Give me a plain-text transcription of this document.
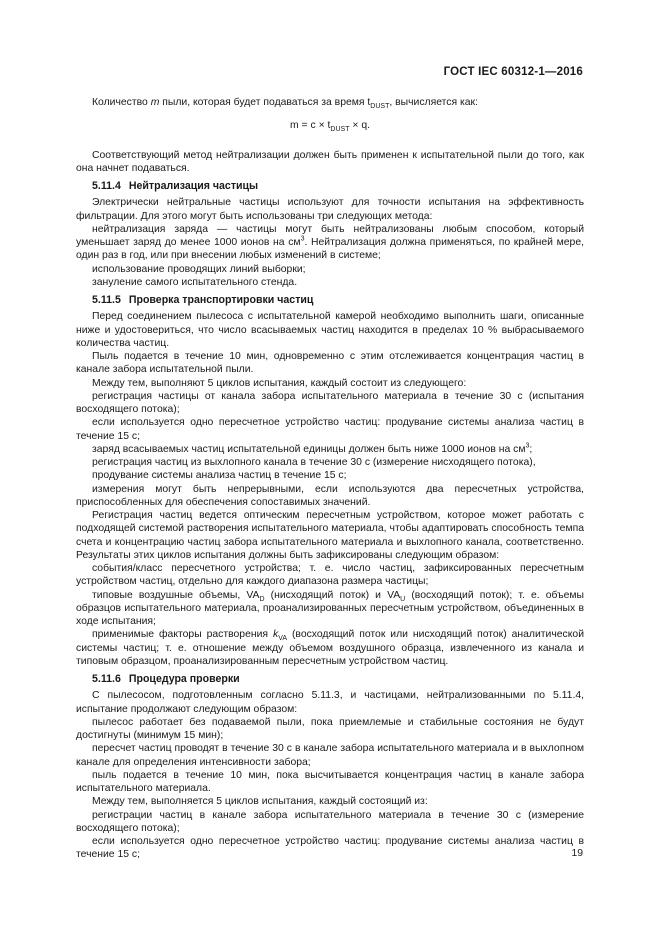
ГОСТ IEC 60312-1—2016

Количество m пыли, которая будет подаваться за время $t_{DUST}$, вычисляется как:

$m = c \times t_{DUST} \times q$.

Соответствующий метод нейтрализации должен быть применен к испытательной пыли до того, как она начнет подаваться.

5.11.4 Нейтрализация частицы

Электрически нейтральные частицы используют для точности испытания на эффективность фильтрации. Для этого могут быть использованы три следующих метода:

нейтрализация заряда — частицы могут быть нейтрализованы любым способом, который уменьшает заряд до менее 1000 ионов на $см^3$. Нейтрализация должна применяться, по крайней мере, один раз в год, или при внесении любых изменений в системе;

использование проводящих линий выборки;

зануление самого испытательного стенда.

5.11.5 Проверка транспортировки частиц

Перед соединением пылесоса с испытательной камерой необходимо выполнить шаги, описанные ниже и удостовериться, что число всасываемых частиц находится в пределах 10 % выбрасываемого количества частиц.

Пыль подается в течение 10 мин, одновременно с этим отслеживается концентрация частиц в канале забора испытательной пыли.

Между тем, выполняют 5 циклов испытания, каждый состоит из следующего:

регистрация частицы от канала забора испытательного материала в течение 30 с (испытания восходящего потока);

если используется одно пересчетное устройство частиц: продувание системы анализа частиц в течение 15 с;

заряд всасываемых частиц испытательной единицы должен быть ниже 1000 ионов на $см^3$;

регистрация частиц из выхлопного канала в течение 30 с (измерение нисходящего потока),

продувание системы анализа частиц в течение 15 с;

измерения могут быть непрерывными, если используются два пересчетных устройства, приспособленных для обеспечения сопоставимых значений.

Регистрация частиц ведется оптическим пересчетным устройством, которое может работать с подходящей системой растворения испытательного материала, чтобы адаптировать способность темпа счета и концентрацию частиц забора испытательного материала и выхлопного канала, соответственно. Результаты этих циклов испытания должны быть зафиксированы следующим образом:

события/класс пересчетного устройства; т. е. число частиц, зафиксированных пересчетным устройством частиц, отдельно для каждого диапазона размера частицы;

типовые воздушные объемы, $VA_D$ (нисходящий поток) и $VA_U$ (восходящий поток); т. е. объемы образцов испытательного материала, проанализированных пересчетным устройством, объединенных в ходе испытания;

применимые факторы растворения $k_{VA}$ (восходящий поток или нисходящий поток) аналитической системы частиц; т. е. отношение между объемом воздушного образца, извлеченного из канала и типовым образцом, проанализированным пересчетным устройством частиц.

5.11.6 Процедура проверки

С пылесосом, подготовленным согласно 5.11.3, и частицами, нейтрализованными по 5.11.4, испытание продолжают следующим образом:

пылесос работает без подаваемой пыли, пока приемлемые и стабильные состояния не будут достигнуты (минимум 15 мин);

пересчет частиц проводят в течение 30 с в канале забора испытательного материала и в выхлопном канале для определения интенсивности забора;

пыль подается в течение 10 мин, пока высчитывается концентрация частиц в канале забора испытательного материала.

Между тем, выполняется 5 циклов испытания, каждый состоящий из:

регистрации частиц в канале забора испытательного материала в течение 30 с (измерение восходящего потока);

если используется одно пересчетное устройство частиц: продувание системы анализа частиц в течение 15 с;	19
